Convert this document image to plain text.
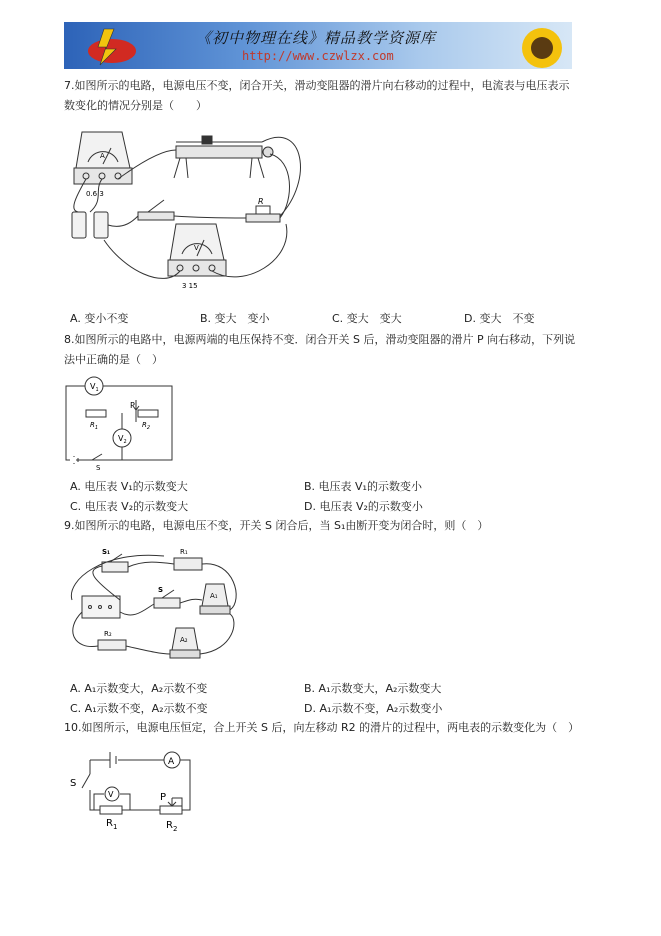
《初中物理在线》精品教学资源库
http://www.czwlzx.com
7.如图所示的电路，电源电压不变，闭合开关，滑动变阻器的滑片向右移动的过程中，电流表与电压表示
数变化的情况分别是（　　）
A
0.6 3
V
3 15
R
A. 变小不变	B. 变大　变小	C. 变大　变大	D. 变大　不变
8.如图所示的电路中，电源两端的电压保持不变．闭合开关 S 后，滑动变阻器的滑片 P 向右移动，下列说
法中正确的是（　）
$V_1$
$V_2$
P
$R_1$	$R_2$
S
A. 电压表 V₁的示数变大	B. 电压表 V₁的示数变小
C. 电压表 V₂的示数变大	D. 电压表 V₂的示数变小
9.如图所示的电路，电源电压不变，开关 S 闭合后，当 S₁由断开变为闭合时，则（　）
S₁	R₁
S
R₂
A₁
A₂
A. A₁示数变大，A₂示数不变	B. A₁示数变大，A₂示数变大
C. A₁示数不变，A₂示数不变	D. A₁示数不变，A₂示数变小
10.如图所示，电源电压恒定，合上开关 S 后，向左移动 R2 的滑片的过程中，两电表的示数变化为（　）
A
S
V	P
$R_1$	$R_2$
